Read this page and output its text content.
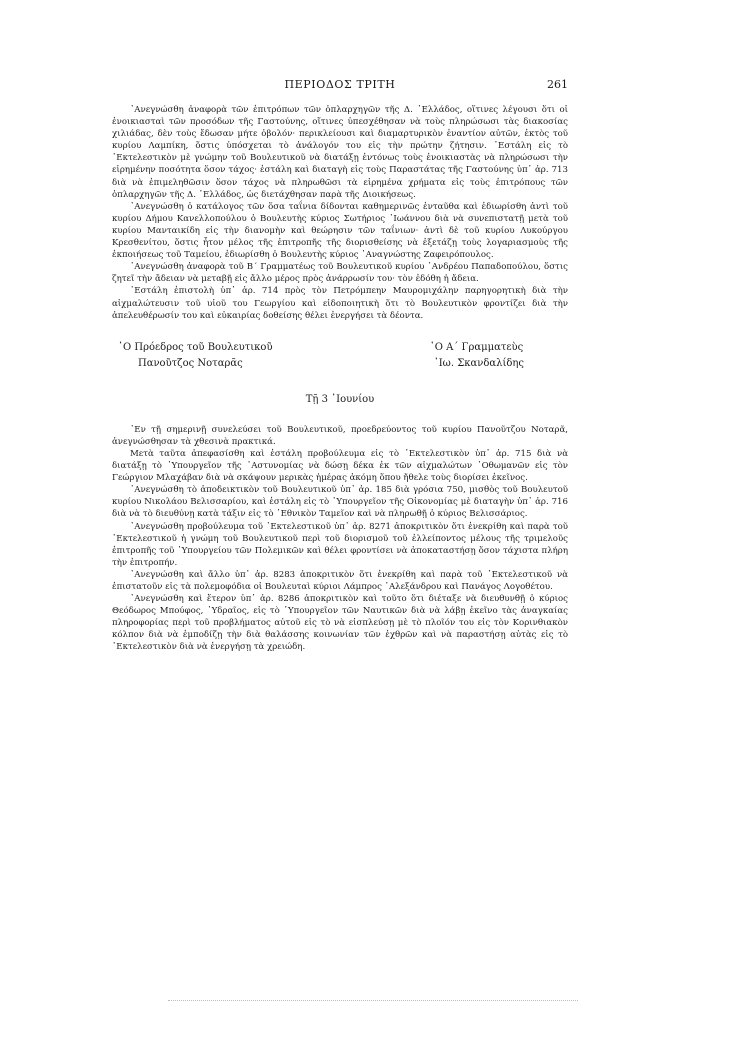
ΠΕΡΙΟΔΟΣ ΤΡΙΤΗ	261

᾿Ανεγνώσθη ἀναφορὰ τῶν ἐπιτρόπων τῶν ὁπλαρχηγῶν τῆς Δ. ῾Ελλάδος, οἵτινες λέγουσι ὅτι οἱ ἐνοικιασταὶ τῶν προσόδων τῆς Γαστούνης, οἵτινες ὑπεσχέθησαν νὰ τοὺς πληρώσωσι τὰς διακοσίας χιλιάδας, δὲν τοὺς ἔδωσαν μήτε ὀβολόν· περικλείουσι καὶ διαμαρτυρικὸν ἐναντίον αὐτῶν, ἐκτὸς τοῦ κυρίου Λαμπίκη, ὅστις ὑπόσχεται τὸ ἀνάλογόν του εἰς τὴν πρώτην ζήτησιν. ᾿Εστάλη εἰς τὸ ᾿Εκτελεστικὸν μὲ γνώμην τοῦ Βουλευτικοῦ νὰ διατάξῃ ἐντόνως τοὺς ἐνοικιαστὰς νὰ πληρώσωσι τὴν εἰρημένην ποσότητα ὅσον τάχος· ἐστάλη καὶ διαταγὴ εἰς τοὺς Παραστάτας τῆς Γαστούνης ὑπ᾿ ἀρ. 713 διὰ νὰ ἐπιμεληθῶσιν ὅσον τάχος νὰ πληρωθῶσι τὰ εἰρημένα χρήματα εἰς τοὺς ἐπιτρόπους τῶν ὁπλαρχηγῶν τῆς Δ. ῾Ελλάδος, ὡς διετάχθησαν παρὰ τῆς Διοικήσεως.

᾿Ανεγνώσθη ὁ κατάλογος τῶν ὅσα ταΐνια δίδονται καθημερινῶς ἐνταῦθα καὶ ἐδιωρίσθη ἀντὶ τοῦ κυρίου Δήμου Κανελλοπούλου ὁ Βουλευτὴς κύριος Σωτήριος ᾿Ιωάννου διὰ νὰ συνεπιστατῇ μετὰ τοῦ κυρίου Μανταικίδη εἰς τὴν διανομὴν καὶ θεώρησιν τῶν ταΐνιων· ἀντὶ δὲ τοῦ κυρίου Λυκούργου Κρεσθενίτου, ὅστις ἦτον μέλος τῆς ἐπιτροπῆς τῆς διορισθείσης νὰ ἐξετάζῃ τοὺς λογαριασμοὺς τῆς ἐκποιήσεως τοῦ Ταμείου, ἐδιωρίσθη ὁ Βουλευτὴς κύριος ᾿Αναγνώστης Ζαφειρόπουλος.

᾿Ανεγνώσθη ἀναφορὰ τοῦ Β´ Γραμματέως τοῦ Βουλευτικοῦ κυρίου ᾿Ανδρέου Παπαδοπούλου, ὅστις ζητεῖ τὴν ἄδειαν νὰ μεταβῇ εἰς ἄλλο μέρος πρὸς ἀνάρρωσίν του· τὸν ἐδόθη ἡ ἄδεια.

᾿Εστάλη ἐπιστολὴ ὑπ᾿ ἀρ. 714 πρὸς τὸν Πετρόμπεην Μαυρομιχάλην παρηγορητικὴ διὰ τὴν αἰχμαλώτευσιν τοῦ υἱοῦ του Γεωργίου καὶ εἰδοποιητικὴ ὅτι τὸ Βουλευτικὸν φροντίζει διὰ τὴν ἀπελευθέρωσίν του καὶ εὐκαιρίας δοθείσης θέλει ἐνεργήσει τὰ δέοντα.

῾Ο Πρόεδρος τοῦ Βουλευτικοῦ
Πανοῦτζος Νοταρᾶς
῾Ο Α´ Γραμματεὺς
᾿Ιω. Σκανδαλίδης
Τῇ 3 ᾿Ιουνίου

᾿Εν τῇ σημερινῇ συνελεύσει τοῦ Βουλευτικοῦ, προεδρεύοντος τοῦ κυρίου Πανοῦτζου Νοταρᾶ, ἀνεγνώσθησαν τὰ χθεσινὰ πρακτικά.

Μετὰ ταῦτα ἀπεφασίσθη καὶ ἐστάλη προβούλευμα εἰς τὸ ᾿Εκτελεστικὸν ὑπ᾿ ἀρ. 715 διὰ νὰ διατάξῃ τὸ ῾Υπουργεῖον τῆς ᾿Αστυνομίας νὰ δώσῃ δέκα ἐκ τῶν αἰχμαλώτων ᾿Οθωμανῶν εἰς τὸν Γεώργιον Μλαχάβαν διὰ νὰ σκάψουν μερικὰς ἡμέρας ἀκόμη ὅπου ἤθελε τοὺς διορίσει ἐκεῖνος.

᾿Ανεγνώσθη τὸ ἀποδεικτικὸν τοῦ Βουλευτικοῦ ὑπ᾿ ἀρ. 185 διὰ γρόσια 750, μισθὸς τοῦ Βουλευτοῦ κυρίου Νικολάου Βελισσαρίου, καὶ ἐστάλη εἰς τὸ ῾Υπουργεῖον τῆς Οἰκονομίας μὲ διαταγὴν ὑπ᾿ ἀρ. 716 διὰ νὰ τὸ διευθύνῃ κατὰ τάξιν εἰς τὸ ᾿Εθνικὸν Ταμεῖον καὶ νὰ πληρωθῇ ὁ κύριος Βελισσάριος.

᾿Ανεγνώσθη προβούλευμα τοῦ ᾿Εκτελεστικοῦ ὑπ᾿ ἀρ. 8271 ἀποκριτικὸν ὅτι ἐνεκρίθη καὶ παρὰ τοῦ ᾿Εκτελεστικοῦ ἡ γνώμη τοῦ Βουλευτικοῦ περὶ τοῦ διορισμοῦ τοῦ ἐλλείποντος μέλους τῆς τριμελοῦς ἐπιτροπῆς τοῦ ῾Υπουργείου τῶν Πολεμικῶν καὶ θέλει φροντίσει νὰ ἀποκαταστήσῃ ὅσον τάχιστα πλήρη τὴν ἐπιτροπήν.

᾿Ανεγνώσθη καὶ ἄλλο ὑπ᾿ ἀρ. 8283 ἀποκριτικὸν ὅτι ἐνεκρίθη καὶ παρὰ τοῦ ᾿Εκτελεστικοῦ νὰ ἐπιστατοῦν εἰς τὰ πολεμοφόδια οἱ Βουλευταὶ κύριοι Λάμπρος ᾿Αλεξάνδρου καὶ Πανάγος Λογοθέτου.

᾿Ανεγνώσθη καὶ ἕτερον ὑπ᾿ ἀρ. 8286 ἀποκριτικὸν καὶ τοῦτο ὅτι διέταξε νὰ διευθυνθῇ ὁ κύριος Θεόδωρος Μπούφος, ῾Υδραῖος, εἰς τὸ ῾Υπουργεῖον τῶν Ναυτικῶν διὰ νὰ λάβῃ ἐκεῖνο τὰς ἀναγκαίας πληροφορίας περὶ τοῦ προβλήματος αὐτοῦ εἰς τὸ νὰ εἰσπλεύσῃ μὲ τὸ πλοῖόν του εἰς τὸν Κορινθιακὸν κόλπον διὰ νὰ ἐμποδίζῃ τὴν διὰ θαλάσσης κοινωνίαν τῶν ἐχθρῶν καὶ νὰ παραστήσῃ αὐτὰς εἰς τὸ ᾿Εκτελεστικὸν διὰ νὰ ἐνεργήσῃ τὰ χρειώδη.
